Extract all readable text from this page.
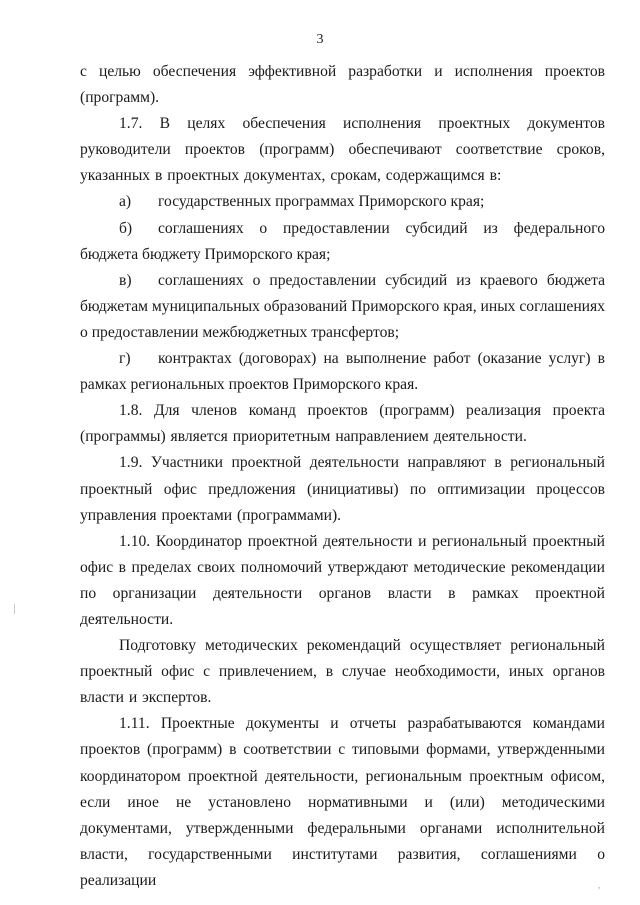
3

с целью обеспечения эффективной разработки и исполнения проектов (программ).

1.7. В целях обеспечения исполнения проектных документов руководители проектов (программ) обеспечивают соответствие сроков, указанных в проектных документах, срокам, содержащимся в:

а) государственных программах Приморского края;

б) соглашениях о предоставлении субсидий из федерального бюджета бюджету Приморского края;

в) соглашениях о предоставлении субсидий из краевого бюджета бюджетам муниципальных образований Приморского края, иных соглашениях о предоставлении межбюджетных трансфертов;

г) контрактах (договорах) на выполнение работ (оказание услуг) в рамках региональных проектов Приморского края.

1.8. Для членов команд проектов (программ) реализация проекта (программы) является приоритетным направлением деятельности.

1.9. Участники проектной деятельности направляют в региональный проектный офис предложения (инициативы) по оптимизации процессов управления проектами (программами).

1.10. Координатор проектной деятельности и региональный проектный офис в пределах своих полномочий утверждают методические рекомендации по организации деятельности органов власти в рамках проектной деятельности.

Подготовку методических рекомендаций осуществляет региональный проектный офис с привлечением, в случае необходимости, иных органов власти и экспертов.

1.11. Проектные документы и отчеты разрабатываются командами проектов (программ) в соответствии с типовыми формами, утвержденными координатором проектной деятельности, региональным проектным офисом, если иное не установлено нормативными и (или) методическими документами, утвержденными федеральными органами исполнительной власти, государственными институтами развития, соглашениями о реализации	,
